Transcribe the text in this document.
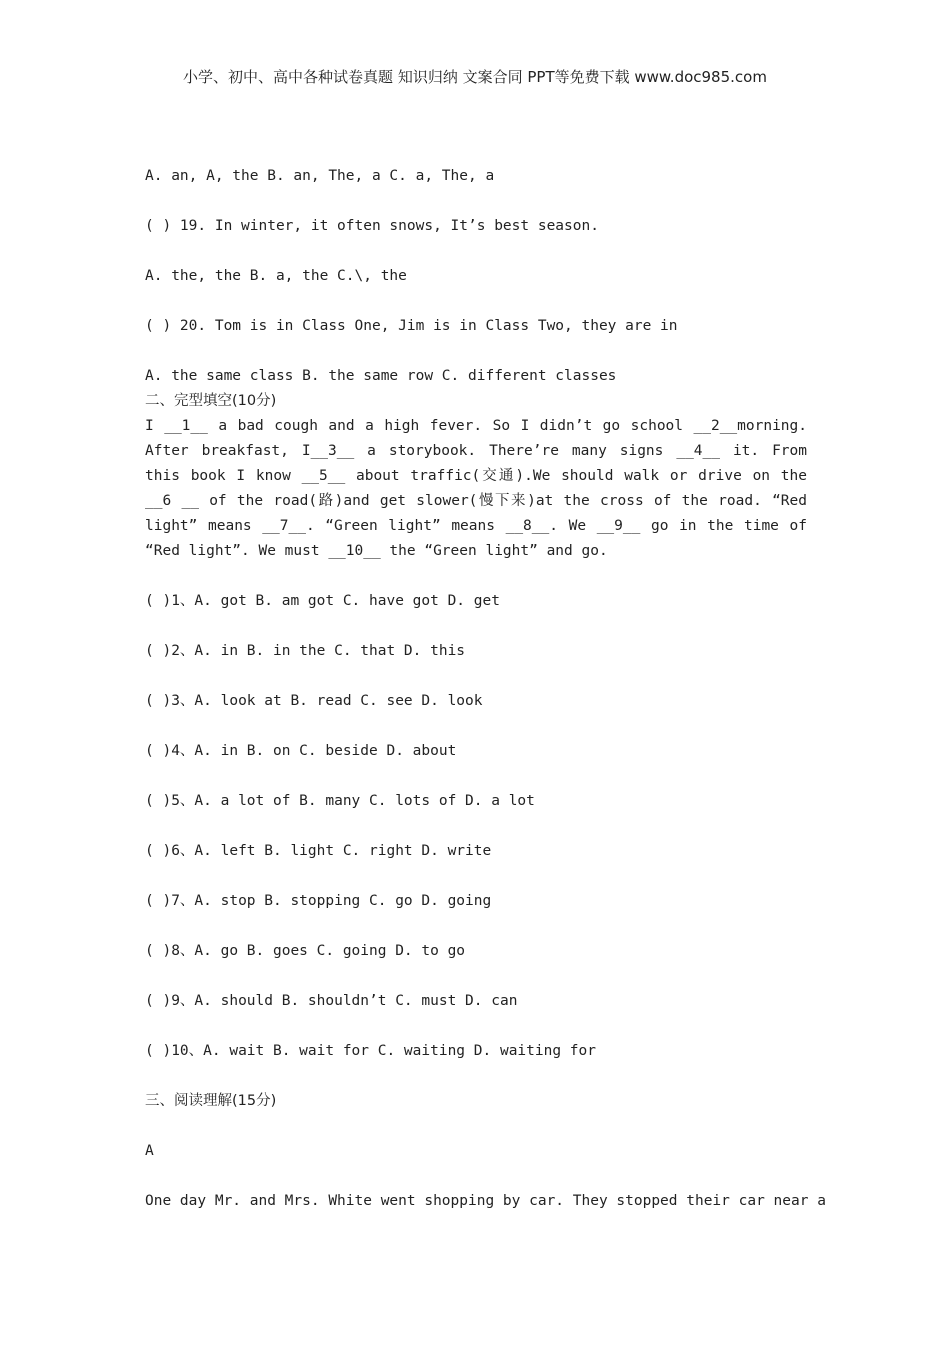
小学、初中、高中各种试卷真题 知识归纳 文案合同 PPT等免费下载 www.doc985.com
A. an, A, the B. an, The, a C. a, The, a
( ) 19. In winter, it often snows, It’s best season.
A. the, the B. a, the C.\, the
( ) 20. Tom is in Class One, Jim is in Class Two, they are in
A. the same class B. the same row C. different classes
二、完型填空(10分)
I __1__ a bad cough and a high fever. So I didn’t go school __2__morning. After breakfast, I__3__ a storybook. There’re many signs __4__ it. From this book I know __5__ about traffic(交通).We should walk or drive on the __6 __ of the road(路)and get slower(慢下来)at the cross of the road. “Red light” means __7__. “Green light” means __8__. We __9__ go in the time of “Red light”. We must __10__ the “Green light” and go.
( )1、A. got B. am got C. have got D. get
( )2、A. in B. in the C. that D. this
( )3、A. look at B. read C. see D. look
( )4、A. in B. on C. beside D. about
( )5、A. a lot of B. many C. lots of D. a lot
( )6、A. left B. light C. right D. write
( )7、A. stop B. stopping C. go D. going
( )8、A. go B. goes C. going D. to go
( )9、A. should B. shouldn’t C. must D. can
( )10、A. wait B. wait for C. waiting D. waiting for
三、阅读理解(15分)
A
One day Mr. and Mrs. White went shopping by car. They stopped their car near a
